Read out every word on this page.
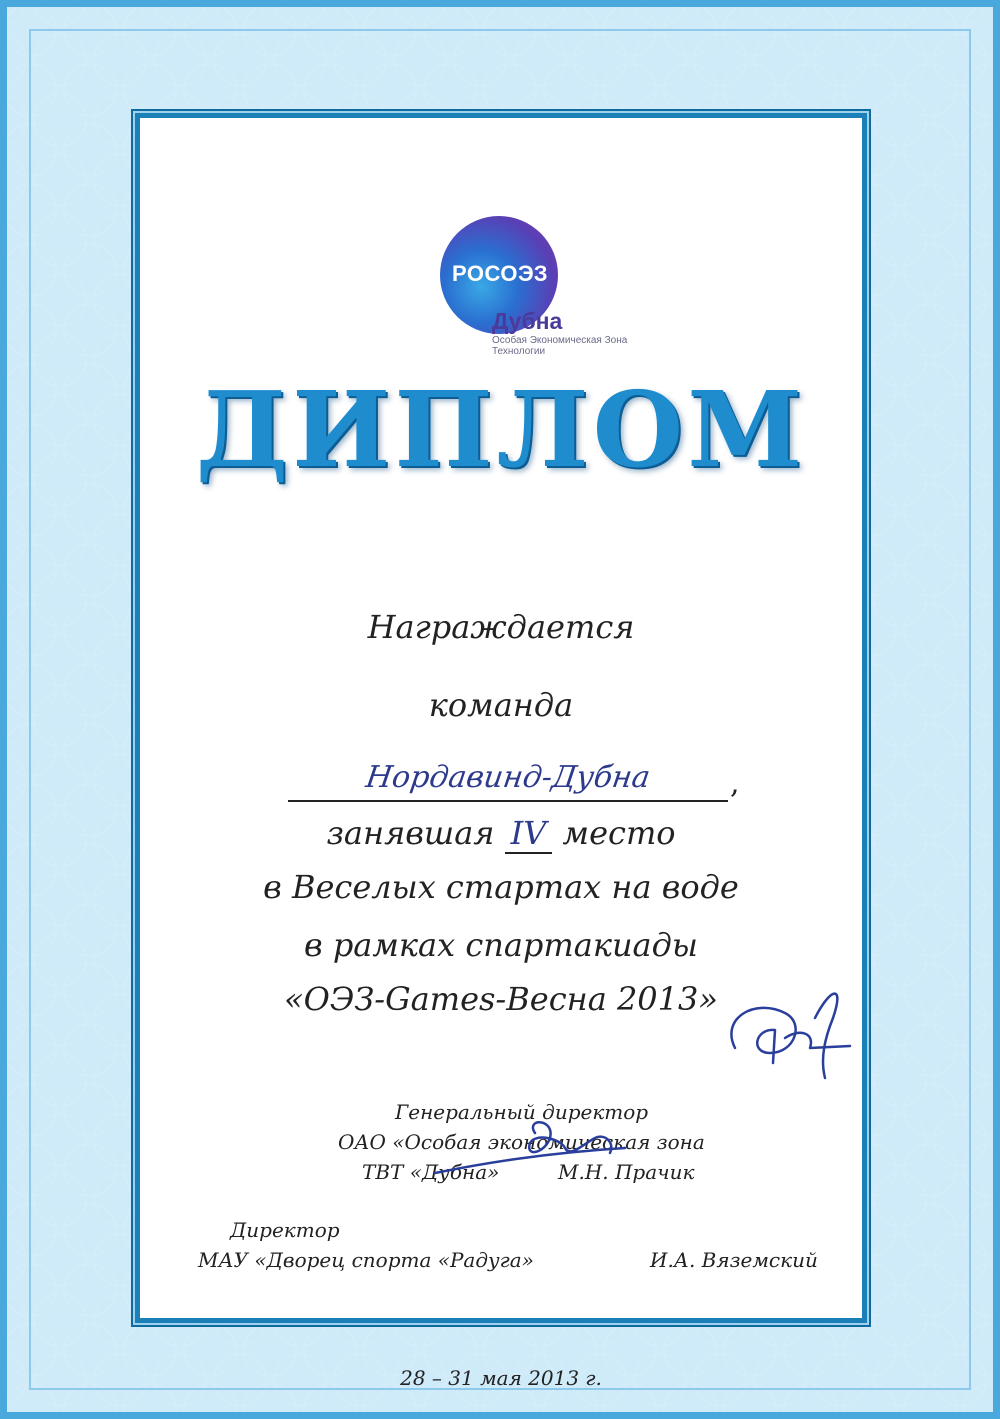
РОСОЭЗ
Дубна
Особая Экономическая Зона
Технологии
ДИПЛОМ
Награждается
команда
Нордавинд-Дубна	,
занявшая IV место
в Веселых стартах на воде
в рамках спартакиады
«ОЭЗ-Games-Весна 2013»
Генеральный директор
ОАО «Особая экономическая зона
ТВТ «Дубна»	М.Н. Прачик
Директор
МАУ «Дворец спорта «Радуга»	И.А. Вяземский
28 – 31 мая 2013 г.
